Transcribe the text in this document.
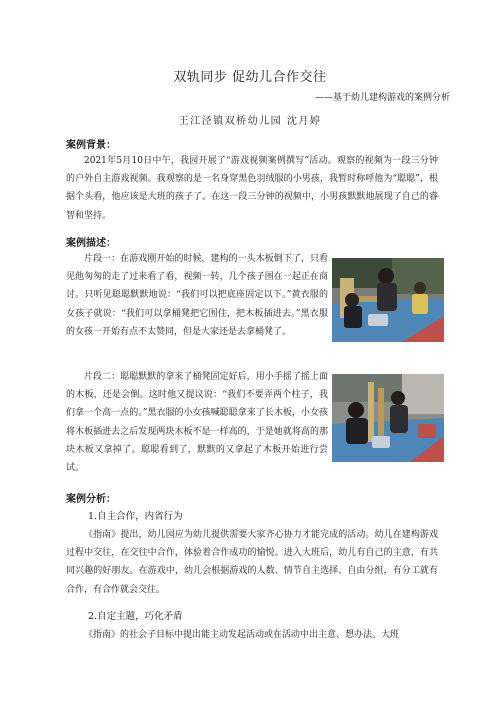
双轨同步 促幼儿合作交往
——基于幼儿建构游戏的案例分析
王江泾镇双桥幼儿园 沈月婷
案例背景：

2021年5月10日中午，我园开展了“游戏视频案例撰写”活动。观察的视频为一段三分钟的户外自主游戏视频。我观察的是一名身穿黑色羽绒服的小男孩，我暂时称呼他为“聪聪”，根据个头看，他应该是大班的孩子了。在这一段三分钟的视频中，小男孩默默地展现了自己的睿智和坚持。

案例描述：

片段一：在游戏刚开始的时候，建构的一头木板倒下了，只看见他匆匆的走了过来看了看，视频一转，几个孩子围在一起正在商讨。只听见聪聪默默地说：“我们可以把底座固定以下。”黄衣服的女孩子就说：“我们可以拿桶凳把它围住，把木板插进去。”黑衣服的女孩一开始有点不太赞同，但是大家还是去拿桶凳了。

片段二：聪聪默默的拿来了桶凳固定好后，用小手摇了摇上面的木板，还是会倒。这时他又提议说：“我们不要弄两个柱子，我们拿一个高一点的。”黑衣服的小女孩喊聪聪拿来了长木板，小女孩将木板插进去之后发现两块木板不是一样高的，于是她就将高的那块木板又拿掉了。聪聪看到了，默默的又拿起了木板开始进行尝试。

案例分析：
1.自主合作，内省行为

《指南》提出，幼儿园应为幼儿提供需要大家齐心协力才能完成的活动。幼儿在建构游戏过程中交往，在交往中合作，体验着合作成功的愉悦。进入大班后，幼儿有自己的主意，有共同兴趣的好朋友。在游戏中，幼儿会根据游戏的人数、情节自主选择、自由分组，有分工就有合作，有合作就会交往。

2.自定主题，巧化矛盾

《指南》的社会子目标中提出能主动发起活动或在活动中出主意、想办法。大班
